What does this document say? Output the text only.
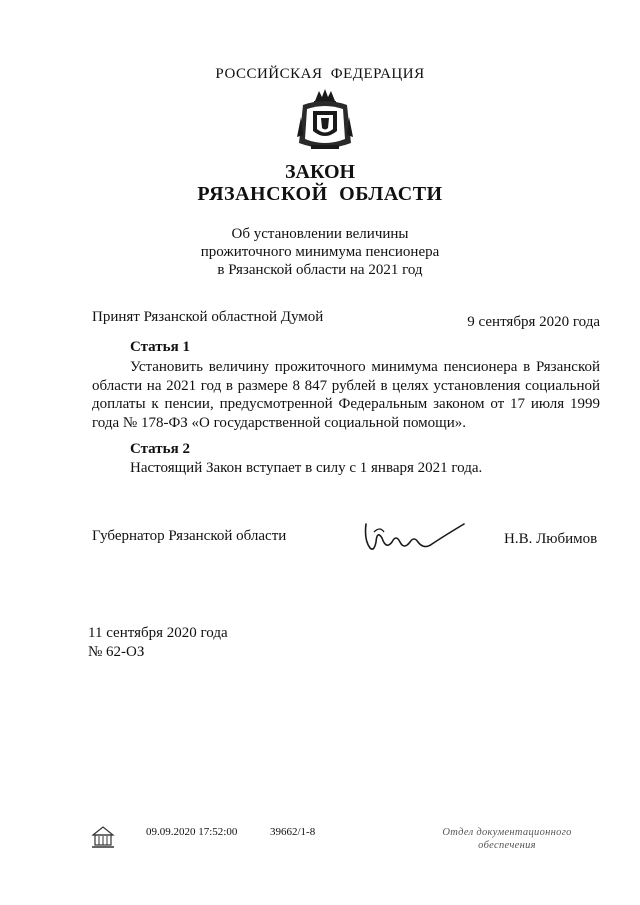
РОССИЙСКАЯ ФЕДЕРАЦИЯ
ЗАКОН
РЯЗАНСКОЙ ОБЛАСТИ
Об установлении величины
прожиточного минимума пенсионера
в Рязанской области на 2021 год
Принят Рязанской областной Думой	9 сентября 2020 года
Статья 1
Установить величину прожиточного минимума пенсионера в Рязанской области на 2021 год в размере 8 847 рублей в целях установления социальной доплаты к пенсии, предусмотренной Федеральным законом от 17 июля 1999 года № 178-ФЗ «О государственной социальной помощи».
Статья 2
Настоящий Закон вступает в силу с 1 января 2021 года.
Губернатор Рязанской области	Н.В. Любимов
11 сентября 2020 года
№ 62-ОЗ
09.09.2020 17:52:00	39662/1-8	Отдел документационного
обеспечения
